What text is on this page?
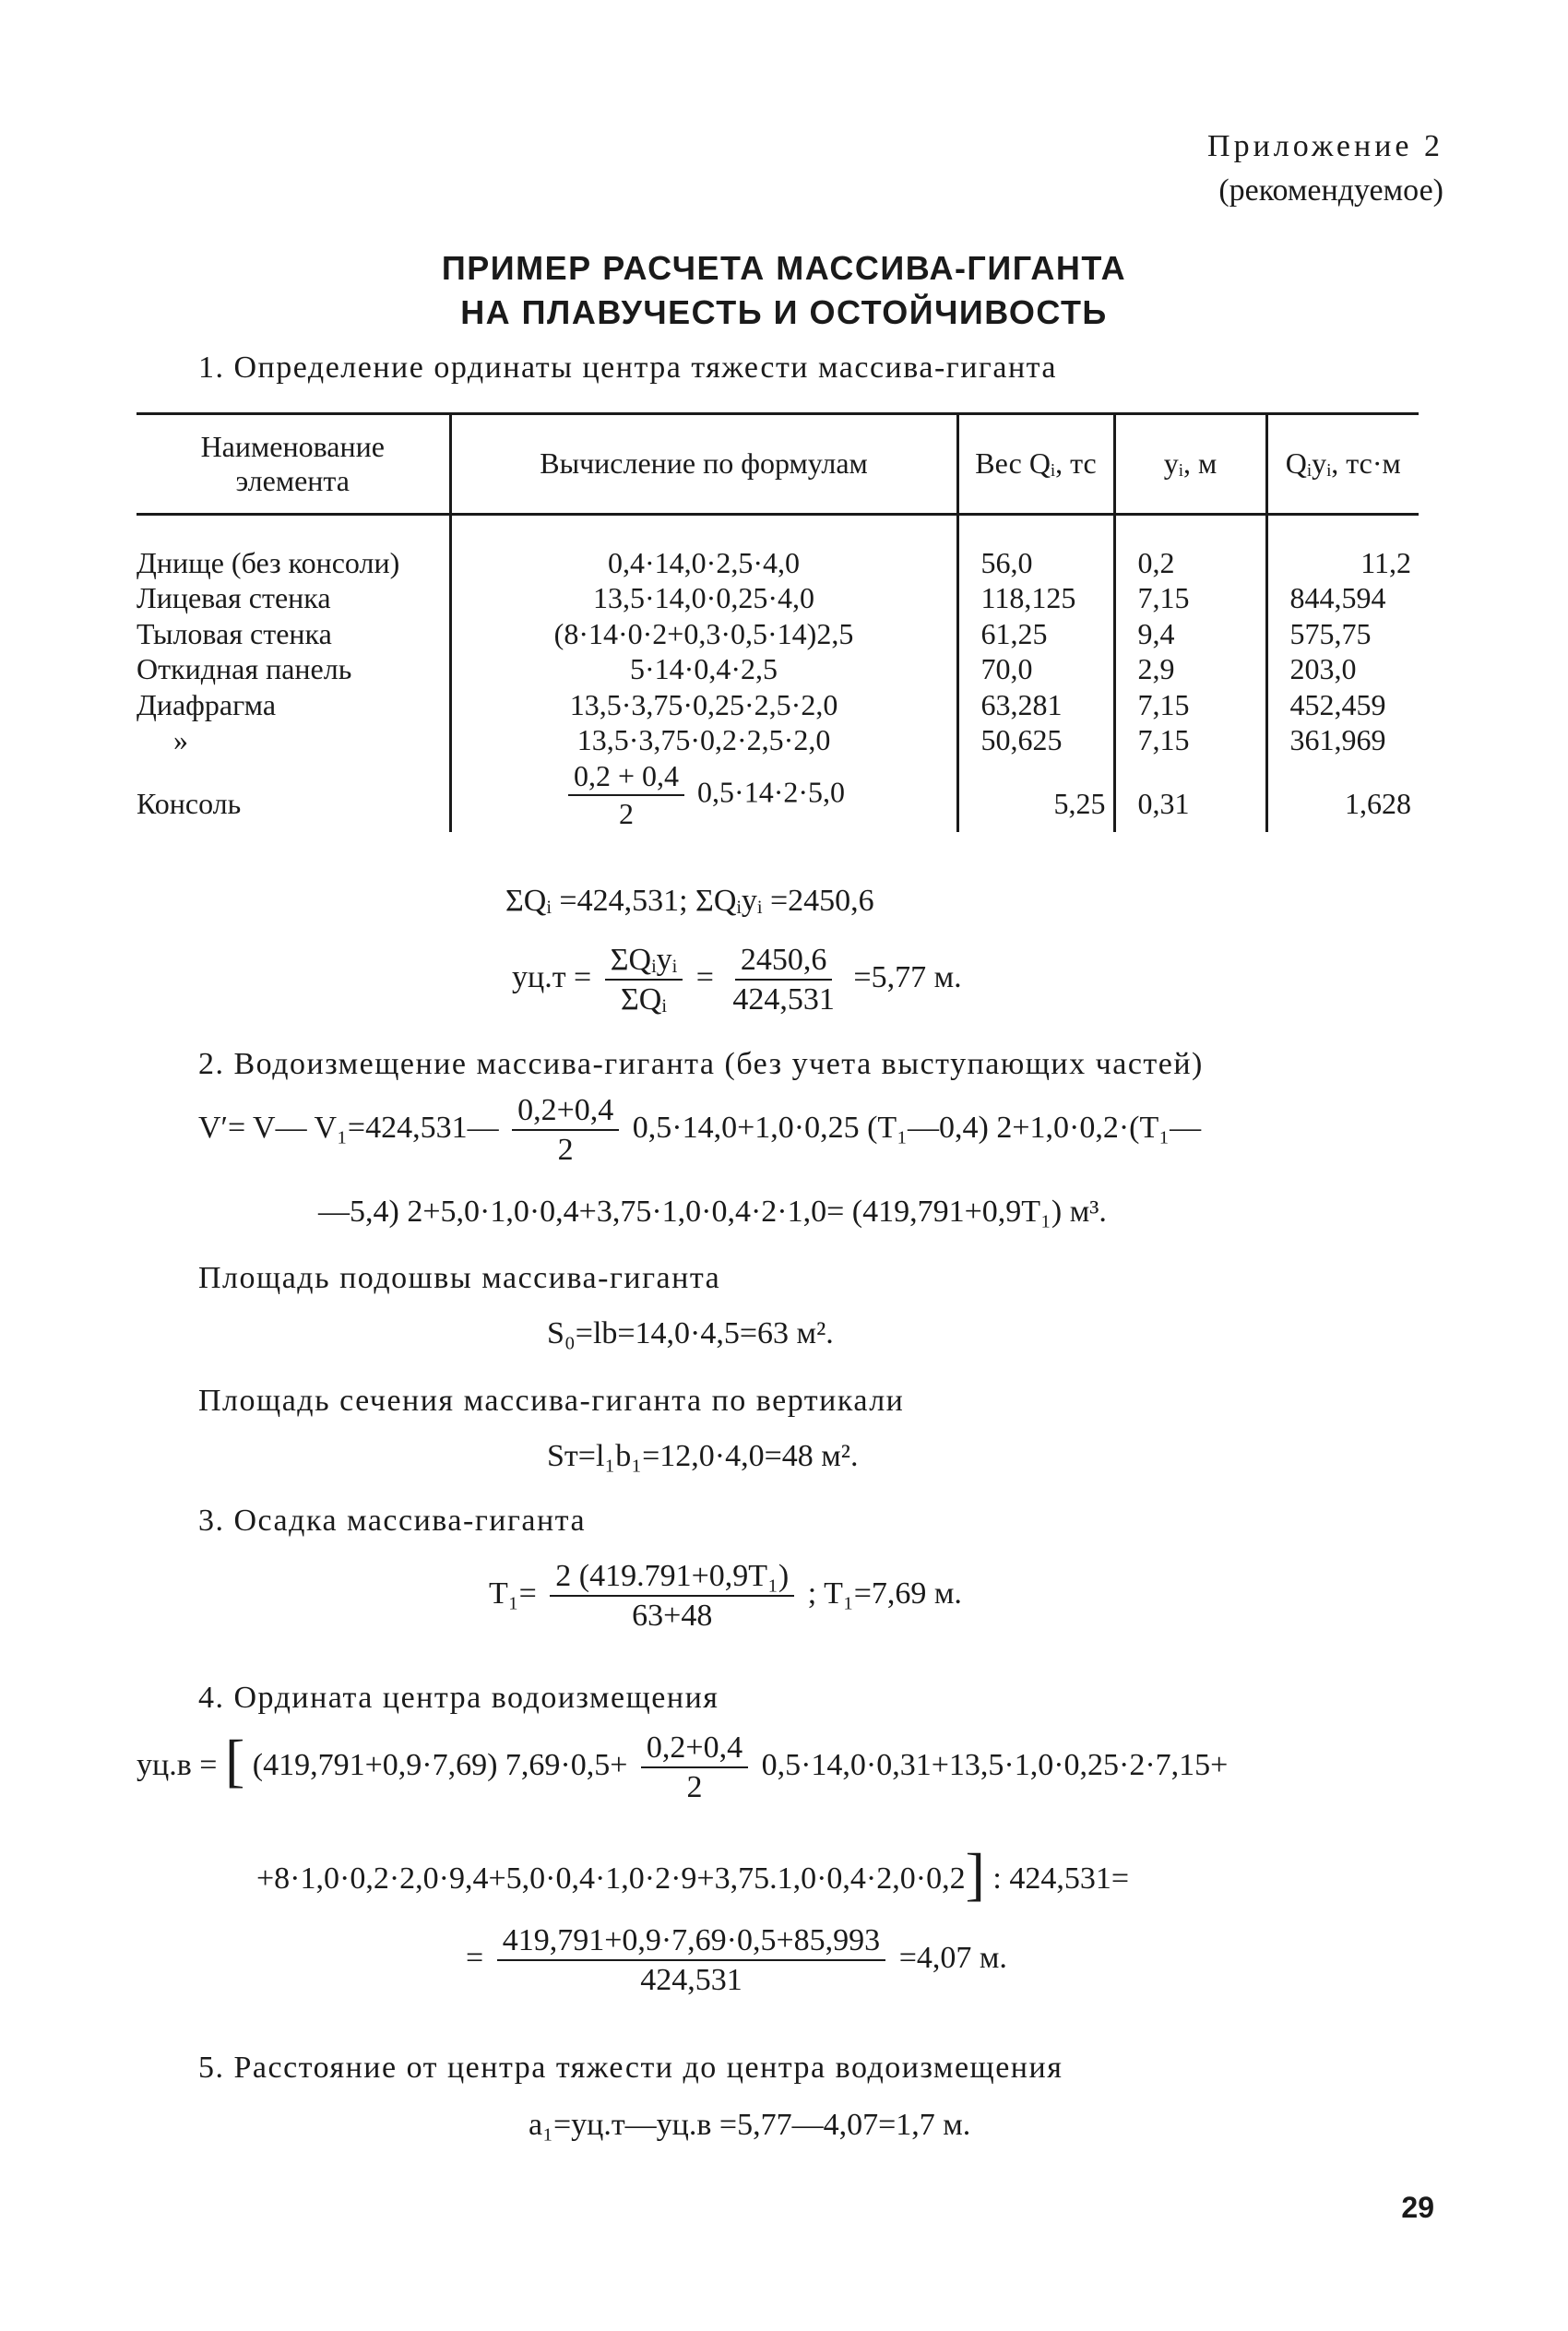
Приложение 2
(рекомендуемое)
ПРИМЕР РАСЧЕТА МАССИВА-ГИГАНТА
НА ПЛАВУЧЕСТЬ И ОСТОЙЧИВОСТЬ
1. Определение ординаты центра тяжести массива-гиганта
Наименование элемента	Вычисление по формулам	Вес Qᵢ, тс	yᵢ, м	Qᵢyᵢ, тс·м
Днище (без консоли)	0,4·14,0·2,5·4,0	56,0	0,2	11,2
Лицевая стенка	13,5·14,0·0,25·4,0	118,125	7,15	844,594
Тыловая стенка	(8·14·0·2+0,3·0,5·14)2,5	61,25	9,4	575,75
Откидная панель	5·14·0,4·2,5	70,0	2,9	203,0
Диафрагма	13,5·3,75·0,25·2,5·2,0	63,281	7,15	452,459
»	13,5·3,75·0,2·2,5·2,0	50,625	7,15	361,969
Консоль	$\frac{0,2 + 0,4}{2} 0,5\cdot 14\cdot 2\cdot 5,0$	5,25	0,31	1,628
ΣQᵢ =424,531; ΣQᵢyᵢ =2450,6
$yц.т = \frac{\text{ΣQᵢyᵢ}}{\text{ΣQᵢ}} = \frac{2450,6}{424,531} =5,77$ м.
2. Водоизмещение массива-гиганта (без учета выступающих частей)
V′= V— V₁=424,531— $\frac{0,2+0,4}{2} 0,5\cdot 14,0+1,0\cdot 0,25$ (T₁—0,4) 2+1,0·0,2·(T₁—
—5,4) 2+5,0·1,0·0,4+3,75·1,0·0,4·2·1,0= (419,791+0,9T₁) м³.
Площадь подошвы массива-гиганта
S₀=lb=14,0·4,5=63 м².
Площадь сечения массива-гиганта по вертикали
Sт=l₁b₁=12,0·4,0=48 м².
3. Осадка массива-гиганта
$T_1= \frac{\text{2 (419.791+0,9T₁)}}{63+48}$ ; T₁=7,69 м.
4. Ордината центра водоизмещения
yц.в = [ (419,791+0,9·7,69) $7,69\cdot 0,5+ \frac{0,2+0,4}{2} 0,5\cdot 14,0\cdot 0,31+13,5\cdot 1,0\cdot 0,25\cdot 2\cdot 7,15+$
+8·1,0·0,2·2,0·9,4+5,0·0,4·1,0·2·9+3,75.1,0·0,4·2,0·0,2] : 424,531=
= $\frac{419,791+0,9\cdot 7,69\cdot 0,5+85,993}{424,531} =4,07$ м.
5. Расстояние от центра тяжести до центра водоизмещения
a₁=yц.т—yц.в =5,77—4,07=1,7 м.
29
